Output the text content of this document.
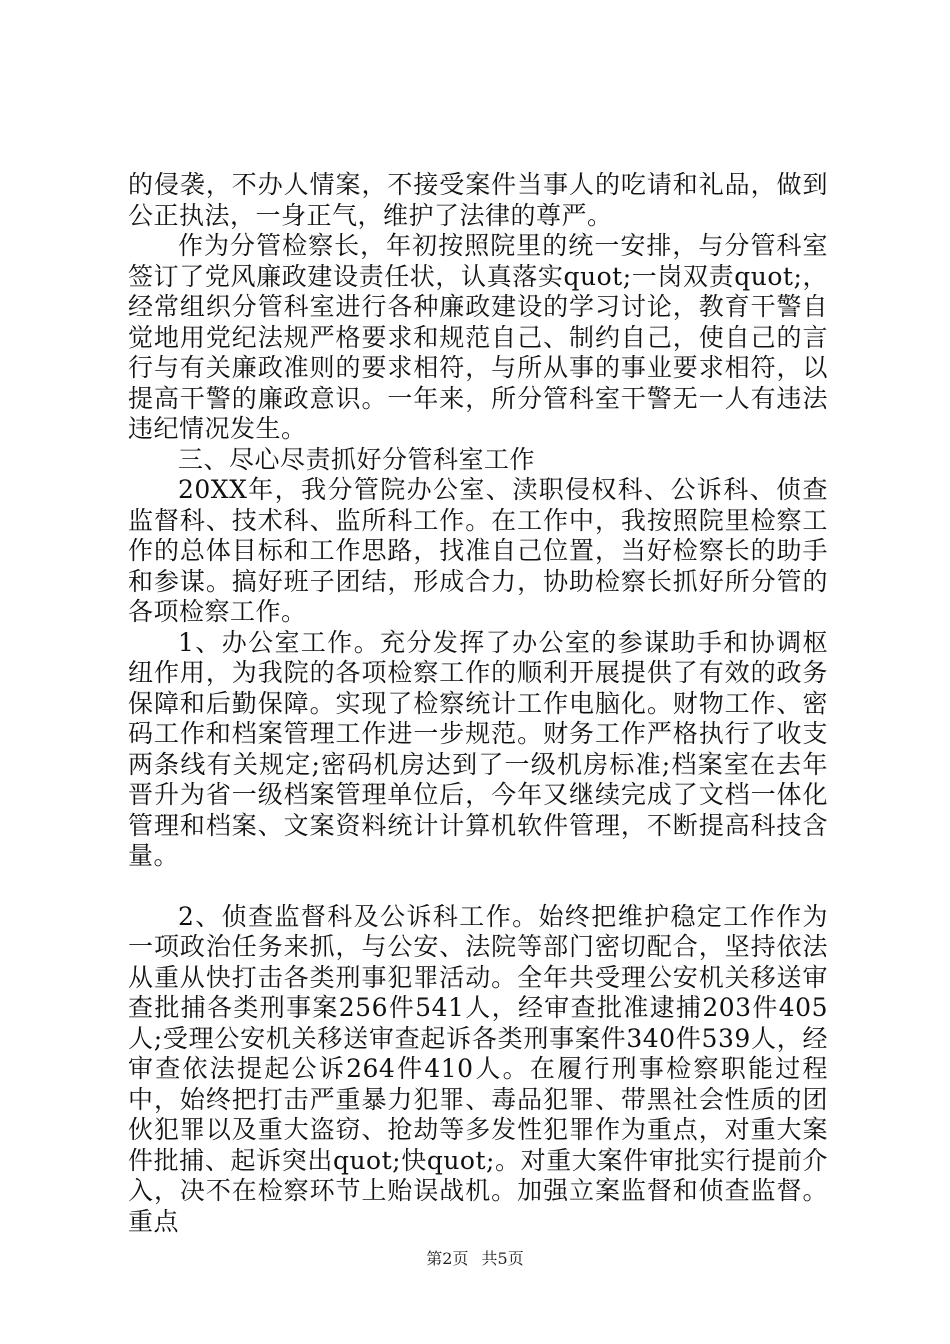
的侵袭，不办人情案，不接受案件当事人的吃请和礼品，做到公正执法，一身正气，维护了法律的尊严。

作为分管检察长，年初按照院里的统一安排，与分管科室签订了党风廉政建设责任状，认真落实quot;一岗双责quot;，经常组织分管科室进行各种廉政建设的学习讨论，教育干警自觉地用党纪法规严格要求和规范自己、制约自己，使自己的言行与有关廉政准则的要求相符，与所从事的事业要求相符，以提高干警的廉政意识。一年来，所分管科室干警无一人有违法违纪情况发生。

三、尽心尽责抓好分管科室工作

20XX年，我分管院办公室、渎职侵权科、公诉科、侦查监督科、技术科、监所科工作。在工作中，我按照院里检察工作的总体目标和工作思路，找准自己位置，当好检察长的助手和参谋。搞好班子团结，形成合力，协助检察长抓好所分管的各项检察工作。

1、办公室工作。充分发挥了办公室的参谋助手和协调枢纽作用，为我院的各项检察工作的顺利开展提供了有效的政务保障和后勤保障。实现了检察统计工作电脑化。财物工作、密码工作和档案管理工作进一步规范。财务工作严格执行了收支两条线有关规定;密码机房达到了一级机房标准;档案室在去年晋升为省一级档案管理单位后，今年又继续完成了文档一体化管理和档案、文案资料统计计算机软件管理，不断提高科技含量。

2、侦查监督科及公诉科工作。始终把维护稳定工作作为一项政治任务来抓，与公安、法院等部门密切配合，坚持依法从重从快打击各类刑事犯罪活动。全年共受理公安机关移送审查批捕各类刑事案256件541人，经审查批准逮捕203件405人;受理公安机关移送审查起诉各类刑事案件340件539人，经审查依法提起公诉264件410人。在履行刑事检察职能过程中，始终把打击严重暴力犯罪、毒品犯罪、带黑社会性质的团伙犯罪以及重大盗窃、抢劫等多发性犯罪作为重点，对重大案件批捕、起诉突出quot;快quot;。对重大案件审批实行提前介入，决不在检察环节上贻误战机。加强立案监督和侦查监督。重点

第2页 共5页
